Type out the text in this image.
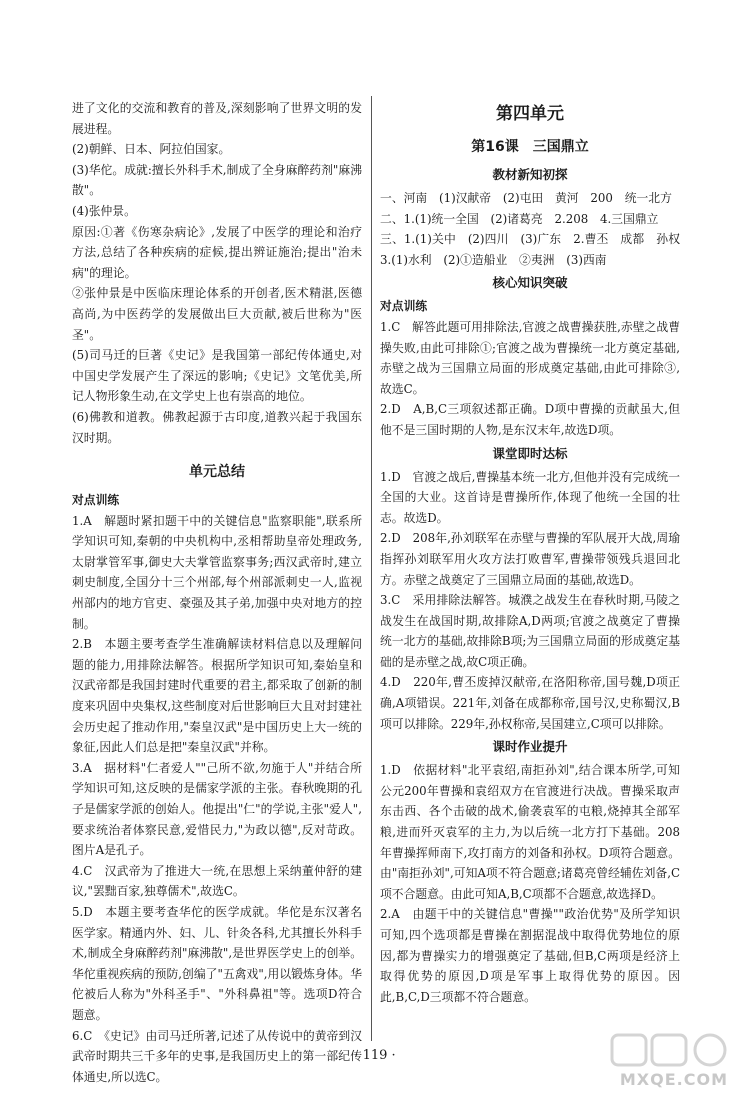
进了文化的交流和教育的普及,深刻影响了世界文明的发展进程。

(2)朝鲜、日本、阿拉伯国家。

(3)华佗。成就:擅长外科手术,制成了全身麻醉药剂"麻沸散"。

(4)张仲景。

原因:①著《伤寒杂病论》,发展了中医学的理论和治疗方法,总结了各种疾病的症候,提出辨证施治;提出"治未病"的理论。

②张仲景是中医临床理论体系的开创者,医术精湛,医德高尚,为中医药学的发展做出巨大贡献,被后世称为"医圣"。

(5)司马迁的巨著《史记》是我国第一部纪传体通史,对中国史学发展产生了深远的影响;《史记》文笔优美,所记人物形象生动,在文学史上也有崇高的地位。

(6)佛教和道教。佛教起源于古印度,道教兴起于我国东汉时期。

单元总结
对点训练

1.A　解题时紧扣题干中的关键信息"监察职能",联系所学知识可知,秦朝的中央机构中,丞相帮助皇帝处理政务,太尉掌管军事,御史大夫掌管监察事务;西汉武帝时,建立刺史制度,全国分十三个州部,每个州部派刺史一人,监视州部内的地方官吏、豪强及其子弟,加强中央对地方的控制。

2.B　本题主要考查学生准确解读材料信息以及理解问题的能力,用排除法解答。根据所学知识可知,秦始皇和汉武帝都是我国封建时代重要的君主,都采取了创新的制度来巩固中央集权,这些制度对后世影响巨大且对封建社会历史起了推动作用,"秦皇汉武"是中国历史上大一统的象征,因此人们总是把"秦皇汉武"并称。

3.A　据材料"仁者爱人""己所不欲,勿施于人"并结合所学知识可知,这反映的是儒家学派的主张。春秋晚期的孔子是儒家学派的创始人。他提出"仁"的学说,主张"爱人",要求统治者体察民意,爱惜民力,"为政以德",反对苛政。图片A是孔子。

4.C　汉武帝为了推进大一统,在思想上采纳董仲舒的建议,"罢黜百家,独尊儒术",故选C。

5.D　本题主要考查华佗的医学成就。华佗是东汉著名医学家。精通内外、妇、儿、针灸各科,尤其擅长外科手术,制成全身麻醉药剂"麻沸散",是世界医学史上的创举。华佗重视疾病的预防,创编了"五禽戏",用以锻炼身体。华佗被后人称为"外科圣手"、"外科鼻祖"等。选项D符合题意。

6.C　《史记》由司马迁所著,记述了从传说中的黄帝到汉武帝时期共三千多年的史事,是我国历史上的第一部纪传体通史,所以选C。

第四单元
第16课　三国鼎立
教材新知初探

一、河南　(1)汉献帝　(2)屯田　黄河　200　统一北方

二、1.(1)统一全国　(2)诸葛亮　2.208　4.三国鼎立

三、1.(1)关中　(2)四川　(3)广东　2.曹丕　成都　孙权　3.(1)水利　(2)①造船业　②夷洲　(3)西南

核心知识突破
对点训练

1.C　解答此题可用排除法,官渡之战曹操获胜,赤壁之战曹操失败,由此可排除①;官渡之战为曹操统一北方奠定基础,赤壁之战为三国鼎立局面的形成奠定基础,由此可排除③,故选C。

2.D　A,B,C三项叙述都正确。D项中曹操的贡献虽大,但他不是三国时期的人物,是东汉末年,故选D项。

课堂即时达标

1.D　官渡之战后,曹操基本统一北方,但他并没有完成统一全国的大业。这首诗是曹操所作,体现了他统一全国的壮志。故选D。

2.D　208年,孙刘联军在赤壁与曹操的军队展开大战,周瑜指挥孙刘联军用火攻方法打败曹军,曹操带领残兵退回北方。赤壁之战奠定了三国鼎立局面的基础,故选D。

3.C　采用排除法解答。城濮之战发生在春秋时期,马陵之战发生在战国时期,故排除A,D两项;官渡之战奠定了曹操统一北方的基础,故排除B项;为三国鼎立局面的形成奠定基础的是赤壁之战,故C项正确。

4.D　220年,曹丕废掉汉献帝,在洛阳称帝,国号魏,D项正确,A项错误。221年,刘备在成都称帝,国号汉,史称蜀汉,B项可以排除。229年,孙权称帝,吴国建立,C项可以排除。

课时作业提升

1.D　依据材料"北平袁绍,南拒孙刘",结合课本所学,可知公元200年曹操和袁绍双方在官渡进行决战。曹操采取声东击西、各个击破的战术,偷袭袁军的屯粮,烧掉其全部军粮,进而歼灭袁军的主力,为以后统一北方打下基础。208年曹操挥师南下,攻打南方的刘备和孙权。D项符合题意。由"南拒孙刘",可知A项不符合题意;诸葛亮曾经辅佐刘备,C项不合题意。由此可知A,B,C项都不合题意,故选择D。

2.A　由题干中的关键信息"曹操""政治优势"及所学知识可知,四个选项都是曹操在割据混战中取得优势地位的原因,都为曹操实力的增强奠定了基础,但B,C两项是经济上取得优势的原因,D项是军事上取得优势的原因。因此,B,C,D三项都不符合题意。

· 119 ·
MXQE.COM
